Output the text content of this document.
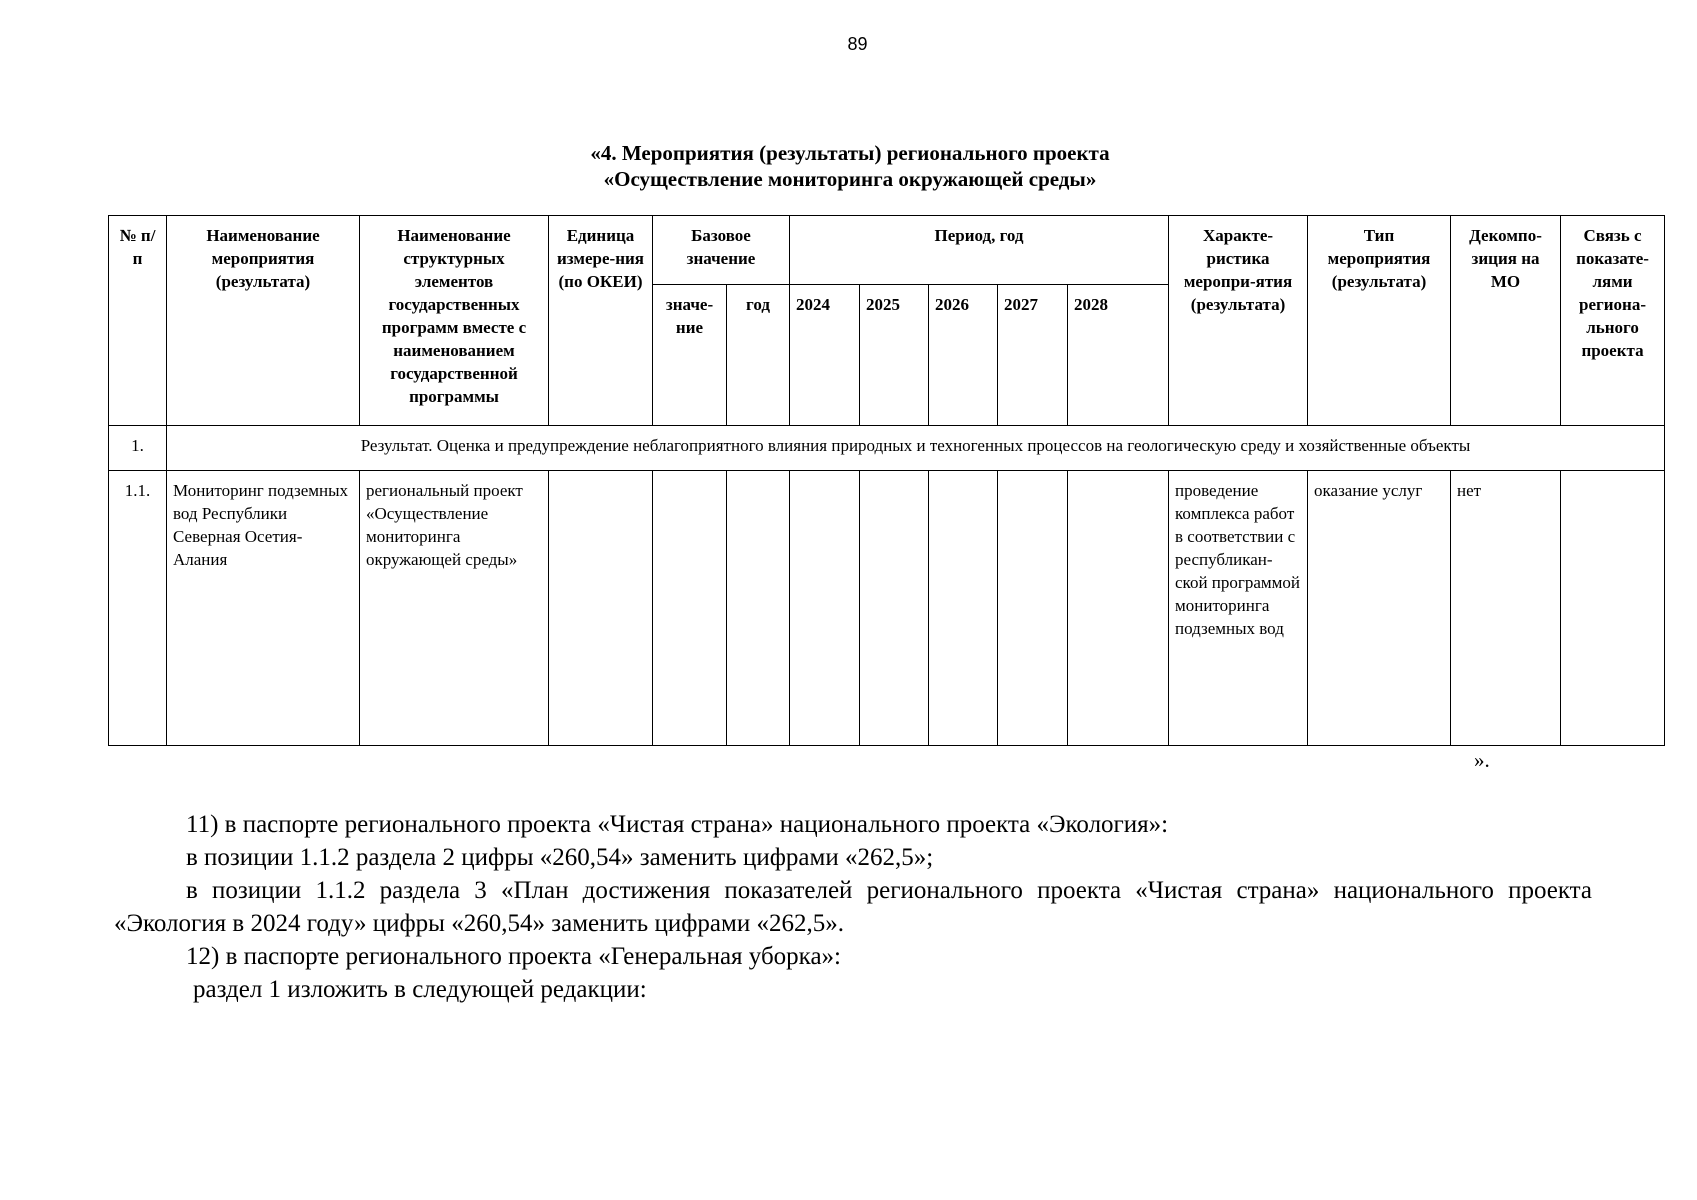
89
«4. Мероприятия (результаты) регионального проекта
«Осуществление мониторинга окружающей среды»
№ п/п	Наименование мероприятия (результата)	Наименование структурных элементов государственных программ вместе с наименованием государственной программы	Единица измере-ния (по ОКЕИ)	Базовое значение		Период, год					Характе-ристика меропри-ятия (результата)	Тип мероприятия (результата)	Декомпо-зиция на МО	Связь с показате-лями региона-льного проекта
				значе-ние	год	2024	2025	2026	2027	2028				
1.	Результат. Оценка и предупреждение неблагоприятного влияния природных и техногенных процессов на геологическую среду и хозяйственные объекты													
1.1.	Мониторинг подземных вод Республики Северная Осетия-Алания	региональный проект «Осуществление мониторинга окружающей среды»									проведение комплекса работ в соответствии с республикан-ской программой мониторинга подземных вод	оказание услуг	нет	
».

11) в паспорте регионального проекта «Чистая страна» национального проекта «Экология»:

в позиции 1.1.2 раздела 2 цифры «260,54» заменить цифрами «262,5»;

в позиции 1.1.2 раздела 3 «План достижения показателей регионального проекта «Чистая страна» национального проекта «Экология в 2024 году» цифры «260,54» заменить цифрами «262,5».

12) в паспорте регионального проекта «Генеральная уборка»:

раздел 1 изложить в следующей редакции:
